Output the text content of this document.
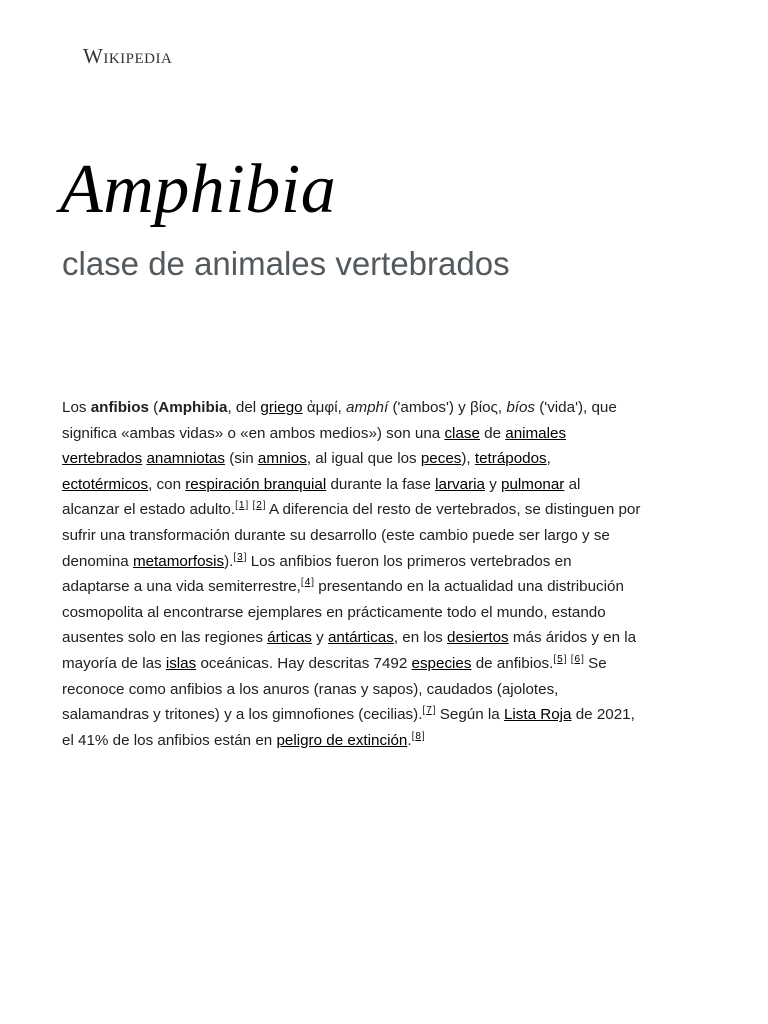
Wikipedia
Amphibia
clase de animales vertebrados

Los anfibios (Amphibia, del griego ἀμφί, amphí ('ambos') y βίος, bíos ('vida'), que significa «ambas vidas» o «en ambos medios») son una clase de animales vertebrados anamniotas (sin amnios, al igual que los peces), tetrápodos, ectotérmicos, con respiración branquial durante la fase larvaria y pulmonar al alcanzar el estado adulto.[1] [2] A diferencia del resto de vertebrados, se distinguen por sufrir una transformación durante su desarrollo (este cambio puede ser largo y se denomina metamorfosis).[3] Los anfibios fueron los primeros vertebrados en adaptarse a una vida semiterrestre,[4] presentando en la actualidad una distribución cosmopolita al encontrarse ejemplares en prácticamente todo el mundo, estando ausentes solo en las regiones árticas y antárticas, en los desiertos más áridos y en la mayoría de las islas oceánicas. Hay descritas 7492 especies de anfibios.[5] [6] Se reconoce como anfibios a los anuros (ranas y sapos), caudados (ajolotes, salamandras y tritones) y a los gimnofiones (cecilias).[7] Según la Lista Roja de 2021, el 41% de los anfibios están en peligro de extinción.[8]
